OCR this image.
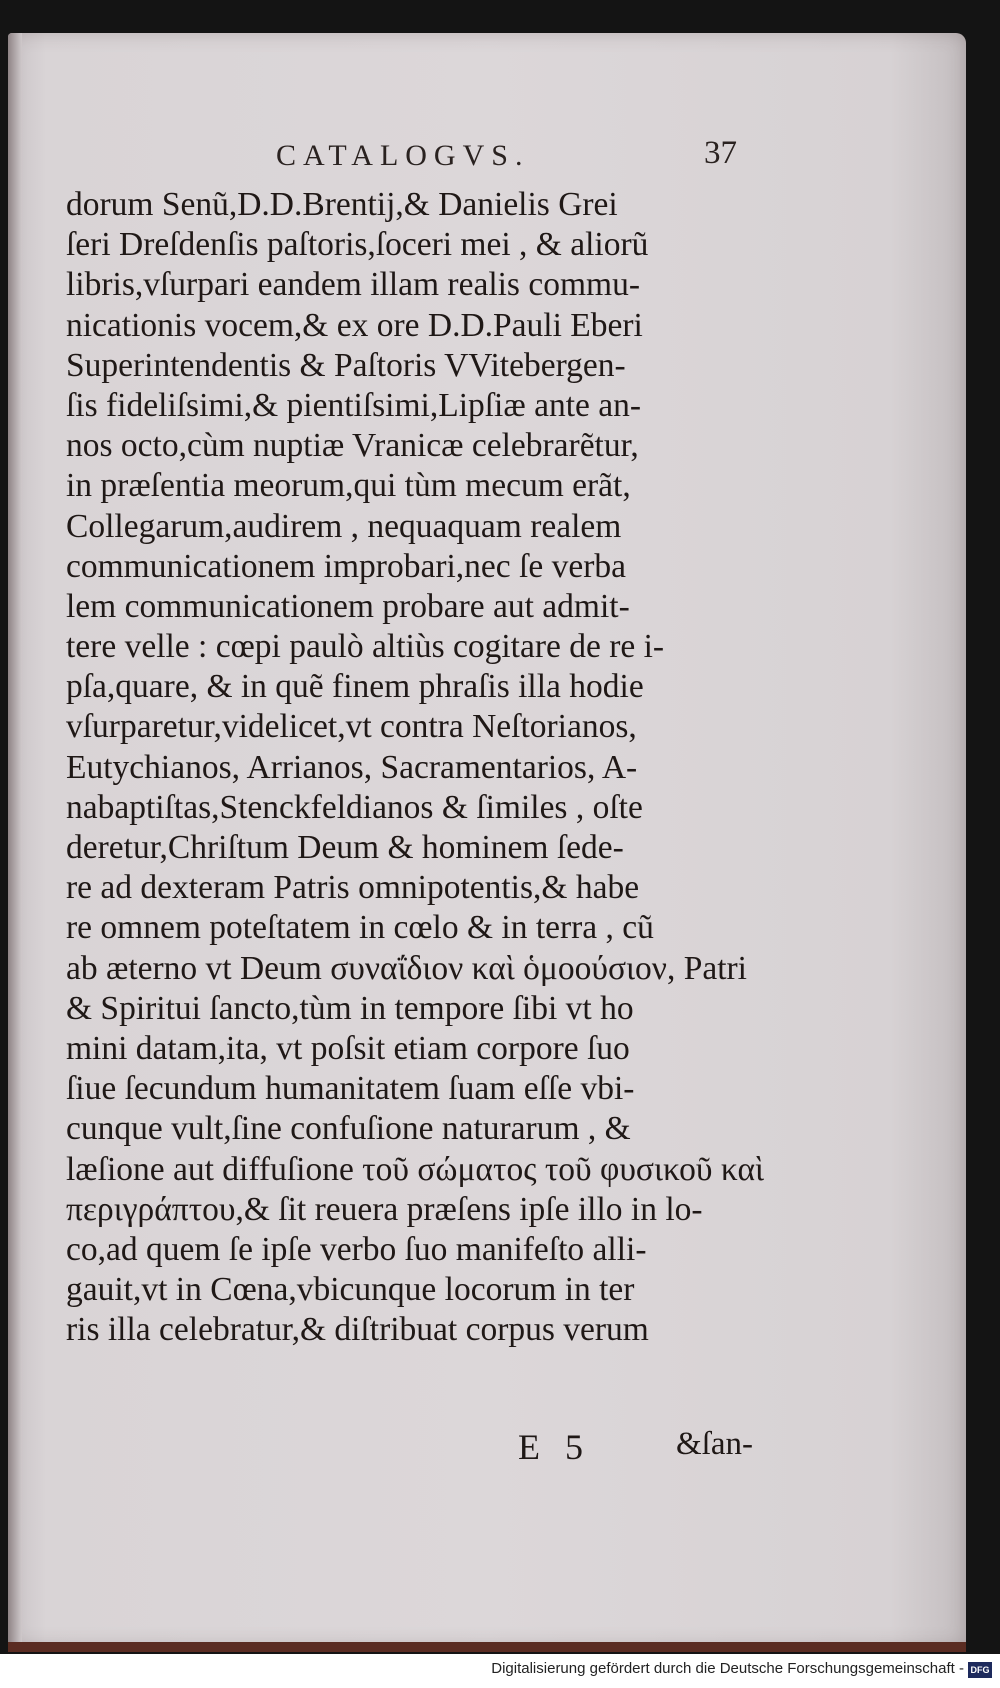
CATALOGVS.	37
dorum Senũ,D.D.Brentij,& Danielis Grei
ſeri Dreſdenſis paſtoris,ſoceri mei , & aliorũ
libris,vſurpari eandem illam realis commu-
nicationis vocem,& ex ore D.D.Pauli Eberi
Superintendentis & Paſtoris VVitebergen-
ſis fideliſsimi,& pientiſsimi,Lipſiæ ante an-
nos octo,cùm nuptiæ Vranicæ celebrarẽtur,
in præſentia meorum,qui tùm mecum erãt,
Collegarum,audirem , nequaquam realem
communicationem improbari,nec ſe verba
lem communicationem probare aut admit-
tere velle : cœpi paulò altiùs cogitare de re i-
pſa,quare, & in quẽ finem phraſis illa hodie
vſurparetur,videlicet,vt contra Neſtorianos,
Eutychianos, Arrianos, Sacramentarios, A-
nabaptiſtas,Stenckfeldianos & ſimiles , oſte
deretur,Chriſtum Deum & hominem ſede-
re ad dexteram Patris omnipotentis,& habe
re omnem poteſtatem in cœlo & in terra , cũ
ab æterno vt Deum συναΐδιον καὶ ὁμοούσιον, Patri
& Spiritui ſancto,tùm in tempore ſibi vt ho
mini datam,ita, vt poſsit etiam corpore ſuo
ſiue ſecundum humanitatem ſuam eſſe vbi-
cunque vult,ſine confuſione naturarum , &
læſione aut diffuſione τοῦ σώματος τοῦ φυσικοῦ καὶ
περιγράπτου,& ſit reuera præſens ipſe illo in lo-
co,ad quem ſe ipſe verbo ſuo manifeſto alli-
gauit,vt in Cœna,vbicunque locorum in ter
ris illa celebratur,& diſtribuat corpus verum
E 5	&ſan-
Digitalisierung gefördert durch die Deutsche Forschungsgemeinschaft - DFG
